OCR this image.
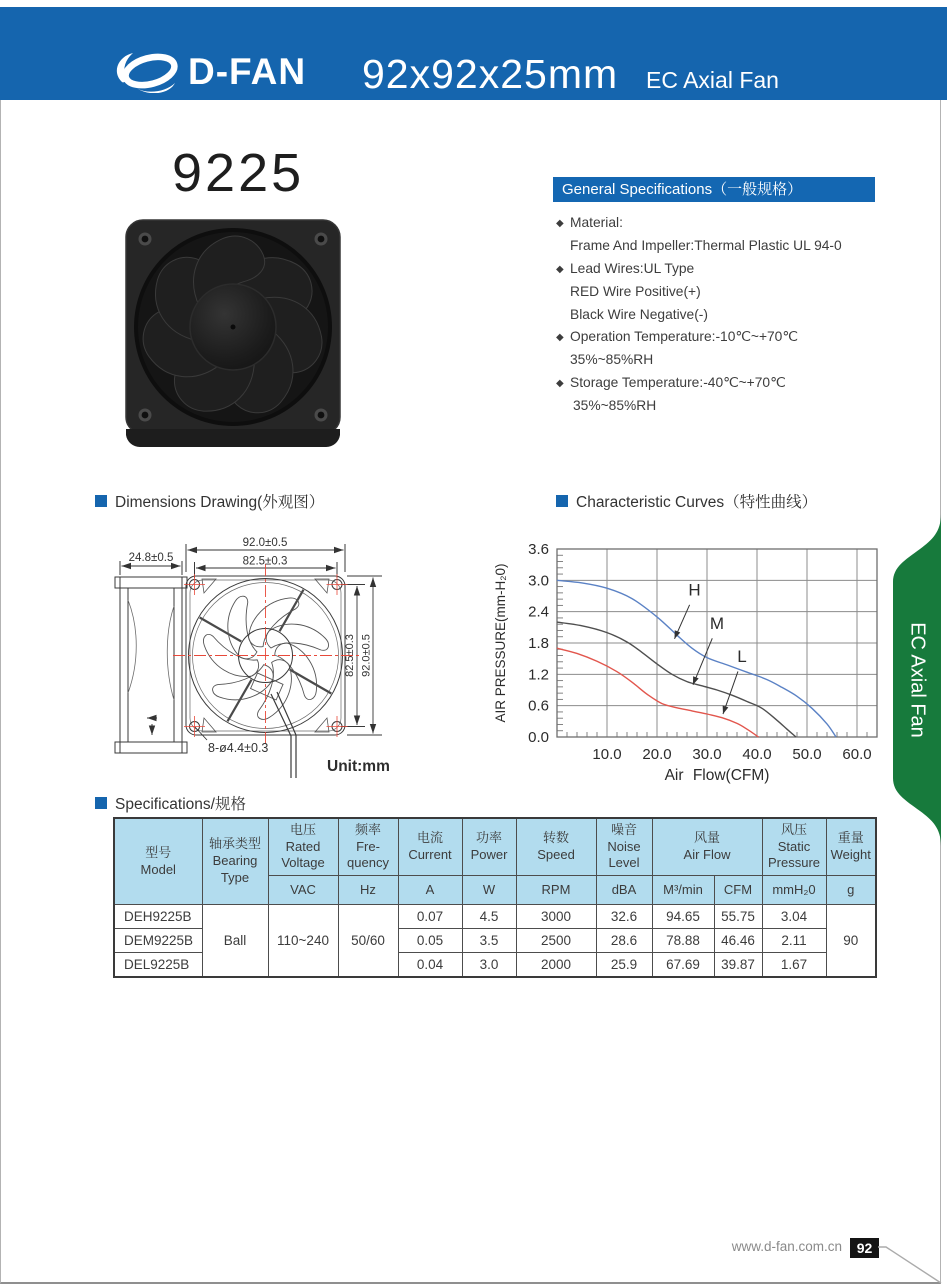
D-FAN 92x92x25mm EC Axial Fan
9225	General Specifications（一般规格）
◆ Material:
Frame And Impeller:Thermal Plastic UL 94-0
◆ Lead Wires:UL Type
RED Wire Positive(+)
Black Wire Negative(-)
◆ Operation Temperature:-10℃~+70℃
35%~85%RH
◆ Storage Temperature:-40℃~+70℃
35%~85%RH
Dimensions Drawing(外观图）	Characteristic Curves（特性曲线）
24.8±0.5
92.0±0.5
82.5±0.3
82.5±0.3 92.0±0.5
8-ø4.4±0.3
Unit:mm
10.0 20.0 30.0 40.0 50.0 60.0
0.0
0.6
1.2
1.8
2.4
3.0
3.6
H
M
L
Air Flow(CFM)
AIR PRESSURE(mm-H₂0)
Specifications/规格
型号
Model	轴承类型
Bearing
Type	电压
Rated
Voltage	频率
Fre-
quency	电流
Current	功率
Power	转数
Speed	噪音
Noise
Level	风量
Air Flow		风压
Static
Pressure	重量
Weight
		VAC	Hz	A	W	RPM	dBA	M³/min	CFM	mmH₂0	g
DEH9225B	Ball	110~240	50/60	0.07	4.5	3000	32.6	94.65	55.75	3.04	90
DEM9225B				0.05	3.5	2500	28.6	78.88	46.46	2.11	
DEL9225B				0.04	3.0	2000	25.9	67.69	39.87	1.67	
EC Axial Fan
www.d-fan.com.cn	92
